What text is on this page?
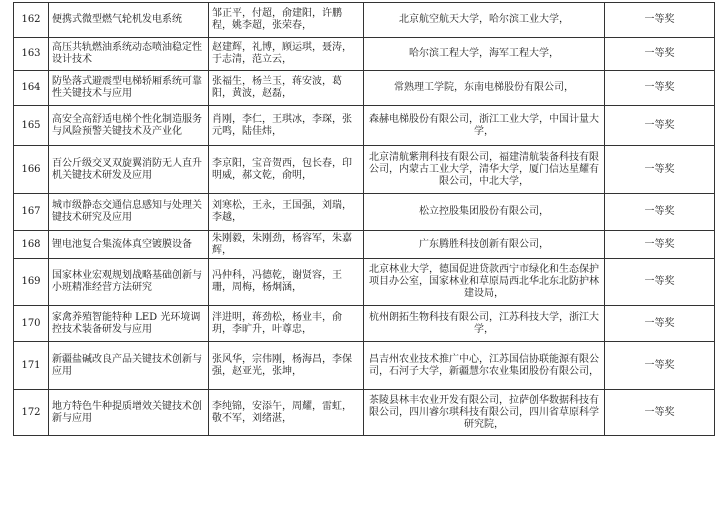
162	便携式微型燃气轮机发电系统	邹正平，付超，俞建阳，许鹏程，姚李超，张荣春，	北京航空航天大学，哈尔滨工业大学，	一等奖
163	高压共轨燃油系统动态喷油稳定性设计技术	赵建辉，礼博，顾运琪，聂涛，于志清，范立云，	哈尔滨工程大学，海军工程大学，	一等奖
164	防坠落式避震型电梯轿厢系统可靠性关键技术与应用	张福生，杨兰玉，蒋安波，葛阳，黄波，赵磊，	常熟理工学院，东南电梯股份有限公司，	一等奖
165	高安全高舒适电梯个性化制造服务与风险预警关键技术及产业化	肖刚，李仁，王琪冰，李琛，张元鸣，陆佳炜，	森赫电梯股份有限公司，浙江工业大学，中国计量大学，	一等奖
166	百公斤级交叉双旋翼消防无人直升机关键技术研发及应用	李京阳，宝音贺西，包长春，印明威，郝文乾，俞明，	北京清航紫荆科技有限公司，福建清航装备科技有限公司，内蒙古工业大学，清华大学，厦门信达星耀有限公司，中北大学，	一等奖
167	城市级静态交通信息感知与处理关键技术研究及应用	刘寒松，王永，王国强，刘瑞，李越，	松立控股集团股份有限公司，	一等奖
168	锂电池复合集流体真空镀膜设备	朱刚毅，朱刚劲，杨容军，朱嘉辉，	广东腾胜科技创新有限公司，	一等奖
169	国家林业宏观规划战略基础创新与小班精准经营方法研究	冯仲科，冯德乾，谢贤容，王珊，周梅，杨炯涵，	北京林业大学，德国促进贷款西宁市绿化和生态保护项目办公室，国家林业和草原局西北华北东北防护林建设局，	一等奖
170	家禽养殖智能特种 LED 光环境调控技术装备研发与应用	泮进明，蒋劲松，杨业丰，俞玥，李旷升，叶尊忠，	杭州朗拓生物科技有限公司，江苏科技大学，浙江大学，	一等奖
171	新疆盐碱改良产品关键技术创新与应用	张风华，宗伟刚，杨海昌，李保强，赵亚光，张坤，	昌吉州农业技术推广中心，江苏国信协联能源有限公司，石河子大学，新疆慧尔农业集团股份有限公司，	一等奖
172	地方特色牛种提质增效关键技术创新与应用	李纯锦，安添午，周耀，雷虹，敬不军，刘绪湛，	茶陵县林丰农业开发有限公司，拉萨创华数据科技有限公司，四川睿尔琪科技有限公司，四川省草原科学研究院，	一等奖
